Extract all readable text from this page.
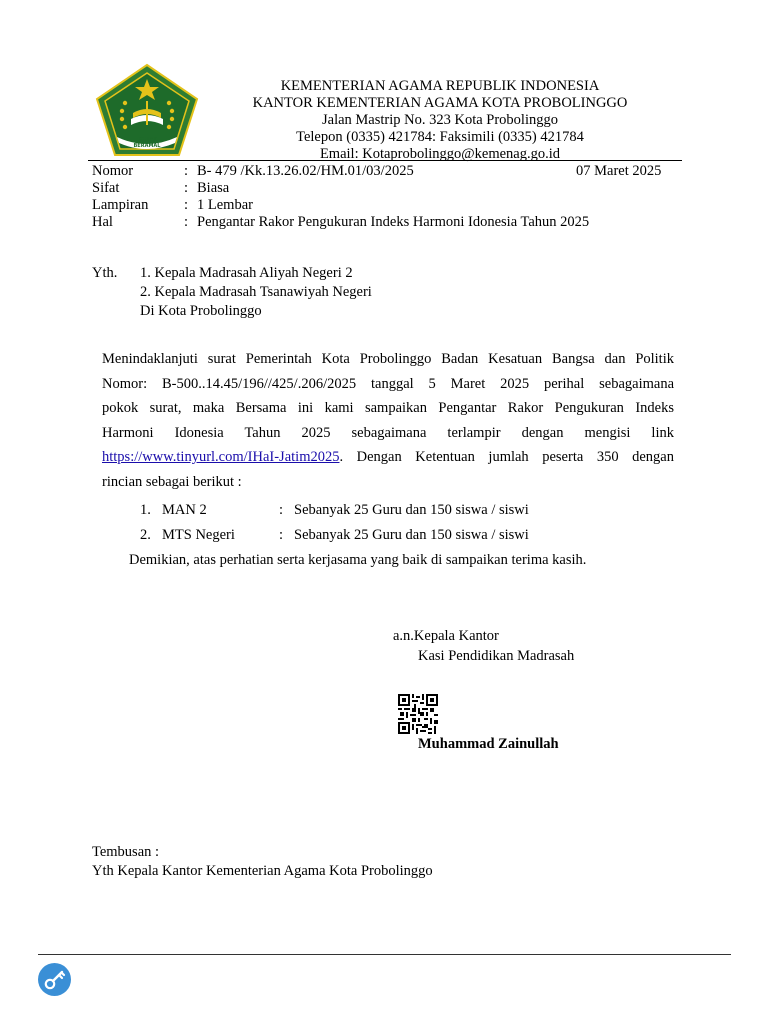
IKHLAS BERAMAL
KEMENTERIAN AGAMA REPUBLIK INDONESIA
KANTOR KEMENTERIAN AGAMA KOTA PROBOLINGGO
Jalan Mastrip No. 323 Kota Probolinggo
Telepon (0335) 421784: Faksimili (0335) 421784
Email: Kotaprobolinggo@kemenag.go.id
Nomor	: B- 479 /Kk.13.26.02/HM.01/03/2025	07 Maret 2025
Sifat	: Biasa
Lampiran : 1 Lembar
Hal	: Pengantar Rakor Pengukuran Indeks Harmoni Idonesia Tahun 2025
Yth. 1. Kepala Madrasah Aliyah Negeri 2
2. Kepala Madrasah Tsanawiyah Negeri
Di Kota Probolinggo
Menindaklanjuti surat Pemerintah Kota Probolinggo Badan Kesatuan Bangsa dan Politik
Nomor: B-500..14.45/196//425/.206/2025 tanggal 5 Maret 2025 perihal sebagaimana
pokok surat, maka Bersama ini kami sampaikan Pengantar Rakor Pengukuran Indeks
Harmoni Idonesia Tahun 2025 sebagaimana terlampir dengan mengisi link
https://www.tinyurl.com/IHaI-Jatim2025. Dengan Ketentuan jumlah peserta 350 dengan
rincian sebagai berikut :
1. MAN 2	: Sebanyak 25 Guru dan 150 siswa / siswi
2. MTS Negeri	: Sebanyak 25 Guru dan 150 siswa / siswi
Demikian, atas perhatian serta kerjasama yang baik di sampaikan terima kasih.
a.n.Kepala Kantor
Kasi Pendidikan Madrasah
Muhammad Zainullah
Tembusan :
Yth Kepala Kantor Kementerian Agama Kota Probolinggo
